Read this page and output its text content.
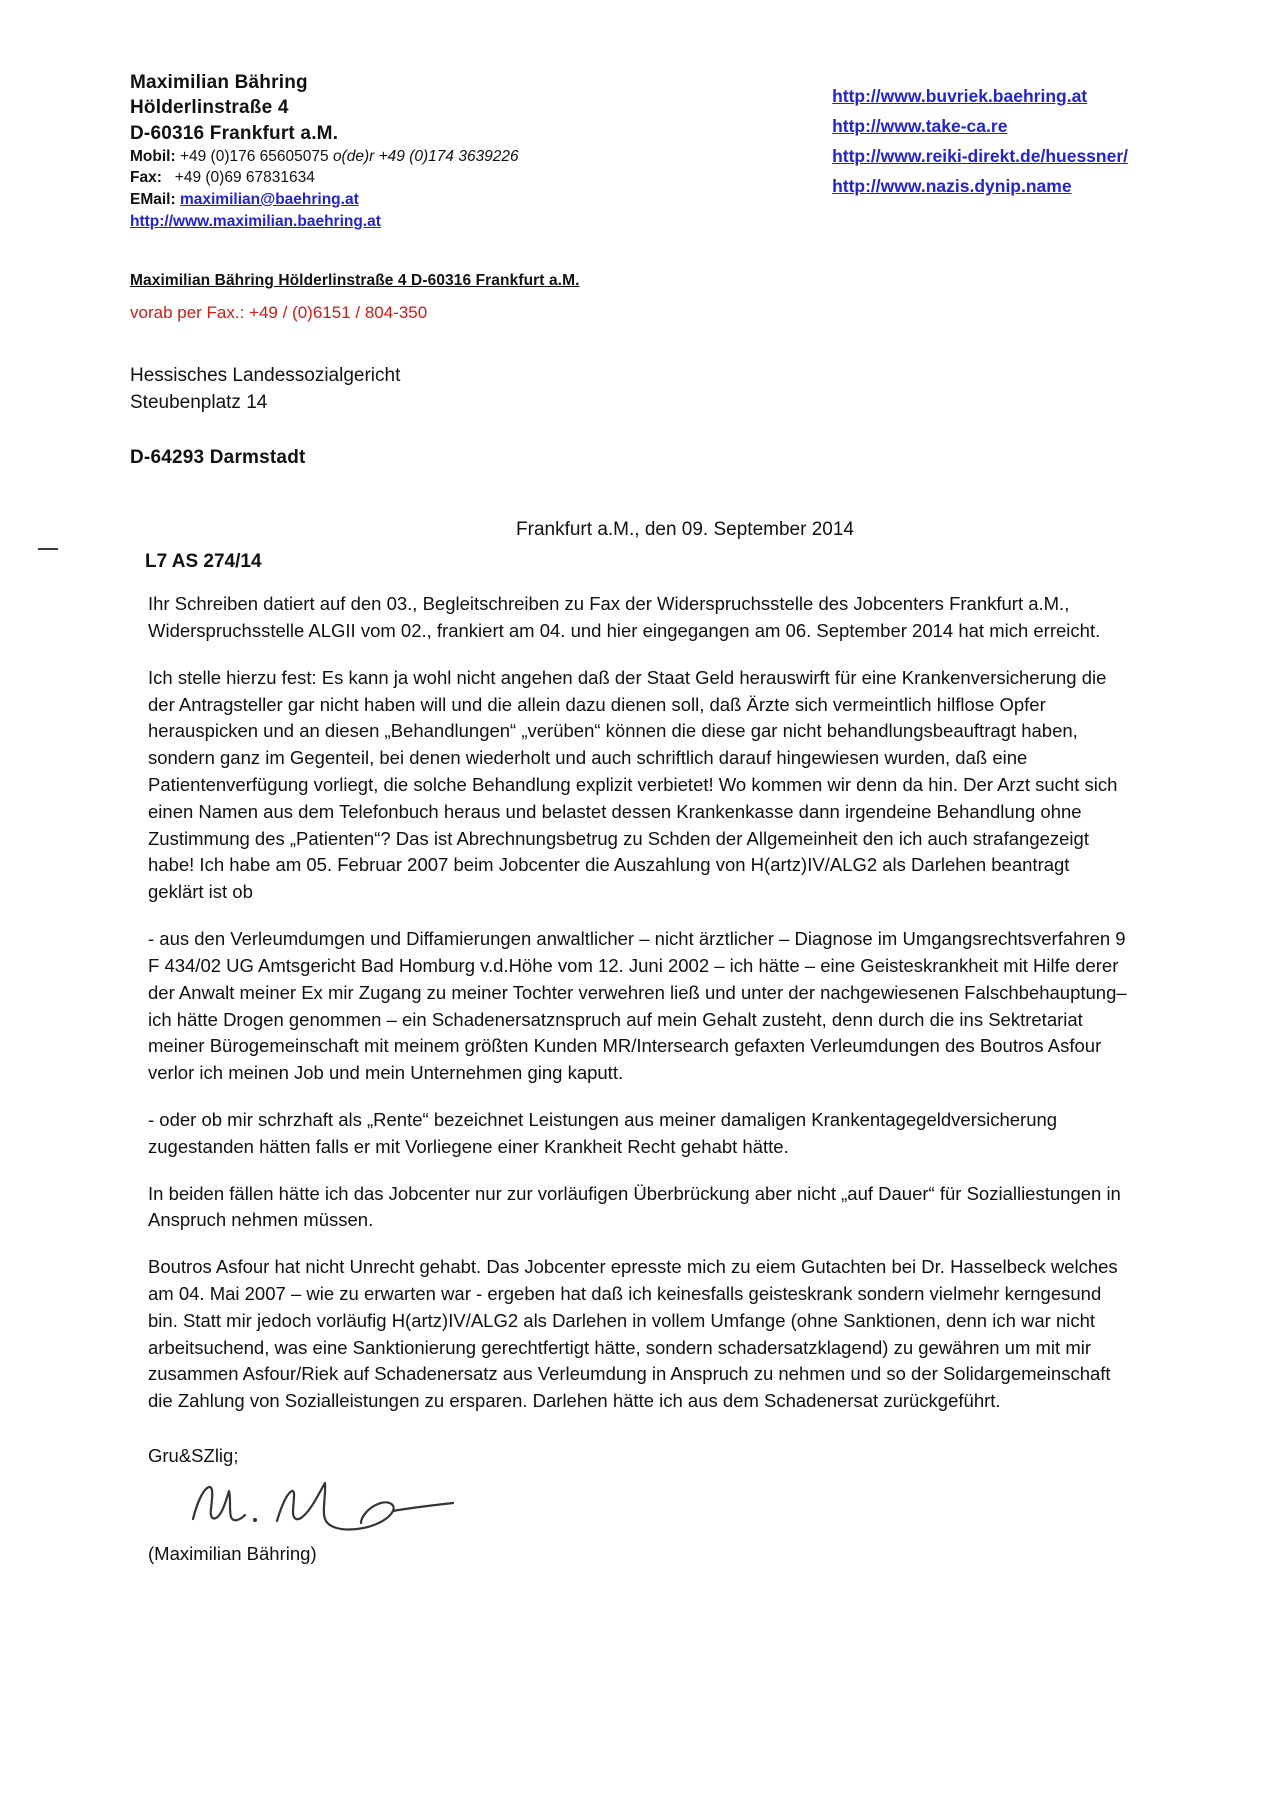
Maximilian Bähring
Hölderlinstraße 4
D-60316 Frankfurt a.M.
Mobil: +49 (0)176 65605075 o(de)r +49 (0)174 3639226
Fax: +49 (0)69 67831634
EMail: maximilian@baehring.at
http://www.maximilian.baehring.at
http://www.buvriek.baehring.at
http://www.take-ca.re
http://www.reiki-direkt.de/huessner/
http://www.nazis.dynip.name
Maximilian Bähring Hölderlinstraße 4 D-60316 Frankfurt a.M.
vorab per Fax.: +49 / (0)6151 / 804-350
Hessisches Landessozialgericht
Steubenplatz 14
D-64293 Darmstadt
Frankfurt a.M., den 09. September 2014
L7 AS 274/14

Ihr Schreiben datiert auf den 03., Begleitschreiben zu Fax der Widerspruchsstelle des Jobcenters Frankfurt a.M., Widerspruchsstelle ALGII vom 02., frankiert am 04. und hier eingegangen am 06. September 2014 hat mich erreicht.

Ich stelle hierzu fest: Es kann ja wohl nicht angehen daß der Staat Geld herauswirft für eine Krankenversicherung die der Antragsteller gar nicht haben will und die allein dazu dienen soll, daß Ärzte sich vermeintlich hilflose Opfer herauspicken und an diesen „Behandlungen“ „verüben“ können die diese gar nicht behandlungsbeauftragt haben, sondern ganz im Gegenteil, bei denen wiederholt und auch schriftlich darauf hingewiesen wurden, daß eine Patientenverfügung vorliegt, die solche Behandlung explizit verbietet! Wo kommen wir denn da hin. Der Arzt sucht sich einen Namen aus dem Telefonbuch heraus und belastet dessen Krankenkasse dann irgendeine Behandlung ohne Zustimmung des „Patienten“? Das ist Abrechnungsbetrug zu Schden der Allgemeinheit den ich auch strafangezeigt habe! Ich habe am 05. Februar 2007 beim Jobcenter die Auszahlung von H(artz)IV/ALG2 als Darlehen beantragt geklärt ist ob

- aus den Verleumdumgen und Diffamierungen anwaltlicher – nicht ärztlicher – Diagnose im Umgangsrechtsverfahren 9 F 434/02 UG Amtsgericht Bad Homburg v.d.Höhe vom 12. Juni 2002 – ich hätte – eine Geisteskrankheit mit Hilfe derer der Anwalt meiner Ex mir Zugang zu meiner Tochter verwehren ließ und unter der nachgewiesenen Falschbehauptung– ich hätte Drogen genommen – ein Schadenersatznspruch auf mein Gehalt zusteht, denn durch die ins Sektretariat meiner Bürogemeinschaft mit meinem größten Kunden MR/Intersearch gefaxten Verleumdungen des Boutros Asfour verlor ich meinen Job und mein Unternehmen ging kaputt.

- oder ob mir schrzhaft als „Rente“ bezeichnet Leistungen aus meiner damaligen Krankentagegeldversicherung zugestanden hätten falls er mit Vorliegene einer Krankheit Recht gehabt hätte.

In beiden fällen hätte ich das Jobcenter nur zur vorläufigen Überbrückung aber nicht „auf Dauer“ für Sozialliestungen in Anspruch nehmen müssen.

Boutros Asfour hat nicht Unrecht gehabt. Das Jobcenter epresste mich zu eiem Gutachten bei Dr. Hasselbeck welches am 04. Mai 2007 – wie zu erwarten war - ergeben hat daß ich keinesfalls geisteskrank sondern vielmehr kerngesund bin. Statt mir jedoch vorläufig H(artz)IV/ALG2 als Darlehen in vollem Umfange (ohne Sanktionen, denn ich war nicht arbeitsuchend, was eine Sanktionierung gerechtfertigt hätte, sondern schadersatzklagend) zu gewähren um mit mir zusammen Asfour/Riek auf Schadenersatz aus Verleumdung in Anspruch zu nehmen und so der Solidargemeinschaft die Zahlung von Sozialleistungen zu ersparen. Darlehen hätte ich aus dem Schadenersat zurückgeführt.

Gru&SZlig;
(Maximilian Bähring)
